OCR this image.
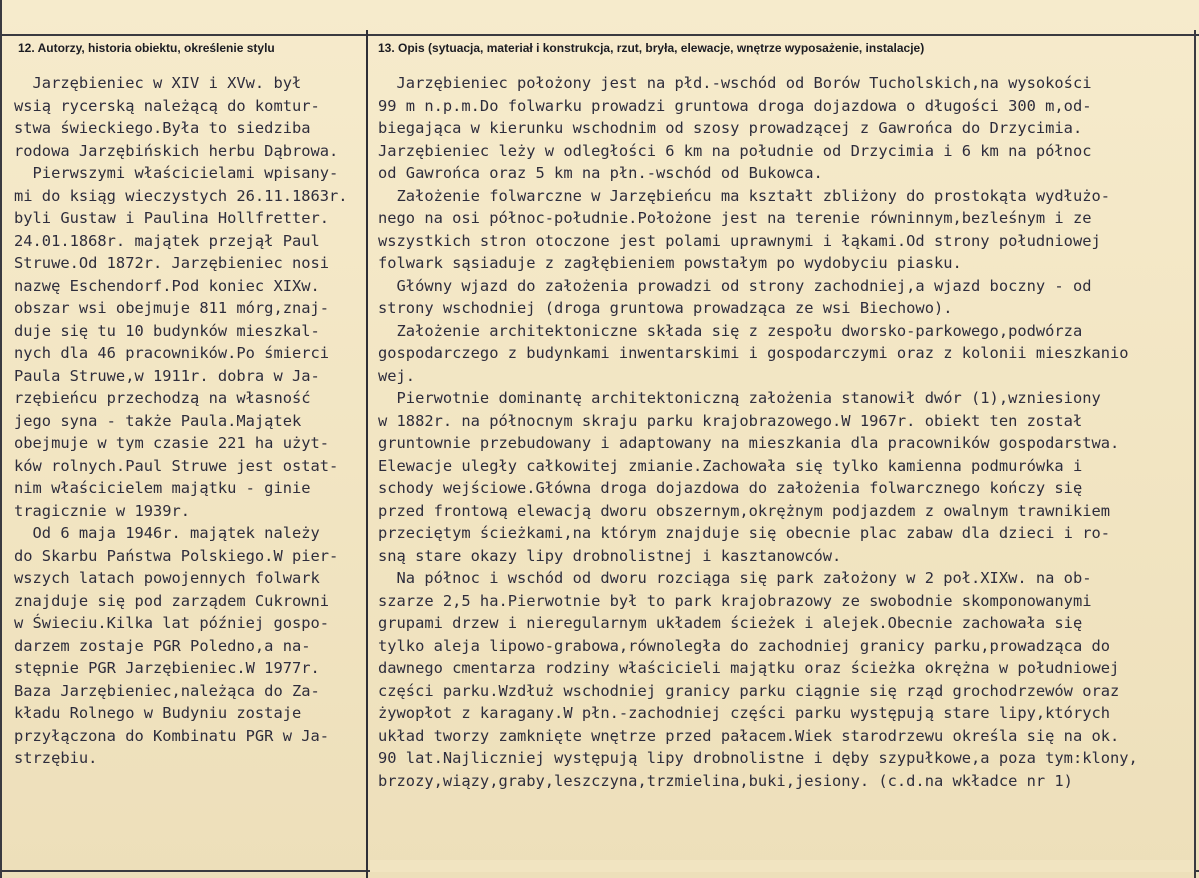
12. Autorzy, historia obiektu, określenie stylu	13. Opis (sytuacja, materiał i konstrukcja, rzut, bryła, elewacje, wnętrze wyposażenie, instalacje)
Jarzębieniec w XIV i XVw. był
wsią rycerską należącą do komtur-
stwa świeckiego.Była to siedziba
rodowa Jarzębińskich herbu Dąbrowa.
Pierwszymi właścicielami wpisany-
mi do ksiąg wieczystych 26.11.1863r.
byli Gustaw i Paulina Hollfretter.
24.01.1868r. majątek przejął Paul
Struwe.Od 1872r. Jarzębieniec nosi
nazwę Eschendorf.Pod koniec XIXw.
obszar wsi obejmuje 811 mórg,znaj-
duje się tu 10 budynków mieszkal-
nych dla 46 pracowników.Po śmierci
Paula Struwe,w 1911r. dobra w Ja-
rzębieńcu przechodzą na własność
jego syna - także Paula.Majątek
obejmuje w tym czasie 221 ha użyt-
ków rolnych.Paul Struwe jest ostat-
nim właścicielem majątku - ginie
tragicznie w 1939r.
Od 6 maja 1946r. majątek należy
do Skarbu Państwa Polskiego.W pier-
wszych latach powojennych folwark
znajduje się pod zarządem Cukrowni
w Świeciu.Kilka lat później gospo-
darzem zostaje PGR Poledno,a na-
stępnie PGR Jarzębieniec.W 1977r.
Baza Jarzębieniec,należąca do Za-
kładu Rolnego w Budyniu zostaje
przyłączona do Kombinatu PGR w Ja-
strzębiu.
Jarzębieniec położony jest na płd.-wschód od Borów Tucholskich,na wysokości
99 m n.p.m.Do folwarku prowadzi gruntowa droga dojazdowa o długości 300 m,od-
biegająca w kierunku wschodnim od szosy prowadzącej z Gawrońca do Drzycimia.
Jarzębieniec leży w odległości 6 km na południe od Drzycimia i 6 km na północ
od Gawrońca oraz 5 km na płn.-wschód od Bukowca.
Założenie folwarczne w Jarzębieńcu ma kształt zbliżony do prostokąta wydłużo-
nego na osi północ-południe.Położone jest na terenie równinnym,bezleśnym i ze
wszystkich stron otoczone jest polami uprawnymi i łąkami.Od strony południowej
folwark sąsiaduje z zagłębieniem powstałym po wydobyciu piasku.
Główny wjazd do założenia prowadzi od strony zachodniej,a wjazd boczny - od
strony wschodniej (droga gruntowa prowadząca ze wsi Biechowo).
Założenie architektoniczne składa się z zespołu dworsko-parkowego,podwórza
gospodarczego z budynkami inwentarskimi i gospodarczymi oraz z kolonii mieszkanio
wej.
Pierwotnie dominantę architektoniczną założenia stanowił dwór (1),wzniesiony
w 1882r. na północnym skraju parku krajobrazowego.W 1967r. obiekt ten został
gruntownie przebudowany i adaptowany na mieszkania dla pracowników gospodarstwa.
Elewacje uległy całkowitej zmianie.Zachowała się tylko kamienna podmurówka i
schody wejściowe.Główna droga dojazdowa do założenia folwarcznego kończy się
przed frontową elewacją dworu obszernym,okrężnym podjazdem z owalnym trawnikiem
przeciętym ścieżkami,na którym znajduje się obecnie plac zabaw dla dzieci i ro-
sną stare okazy lipy drobnolistnej i kasztanowców.
Na północ i wschód od dworu rozciąga się park założony w 2 poł.XIXw. na ob-
szarze 2,5 ha.Pierwotnie był to park krajobrazowy ze swobodnie skomponowanymi
grupami drzew i nieregularnym układem ścieżek i alejek.Obecnie zachowała się
tylko aleja lipowo-grabowa,równoległa do zachodniej granicy parku,prowadząca do
dawnego cmentarza rodziny właścicieli majątku oraz ścieżka okrężna w południowej
części parku.Wzdłuż wschodniej granicy parku ciągnie się rząd grochodrzewów oraz
żywopłot z karagany.W płn.-zachodniej części parku występują stare lipy,których
układ tworzy zamknięte wnętrze przed pałacem.Wiek starodrzewu określa się na ok.
90 lat.Najliczniej występują lipy drobnolistne i dęby szypułkowe,a poza tym:klony,
brzozy,wiązy,graby,leszczyna,trzmielina,buki,jesiony. (c.d.na wkładce nr 1)
